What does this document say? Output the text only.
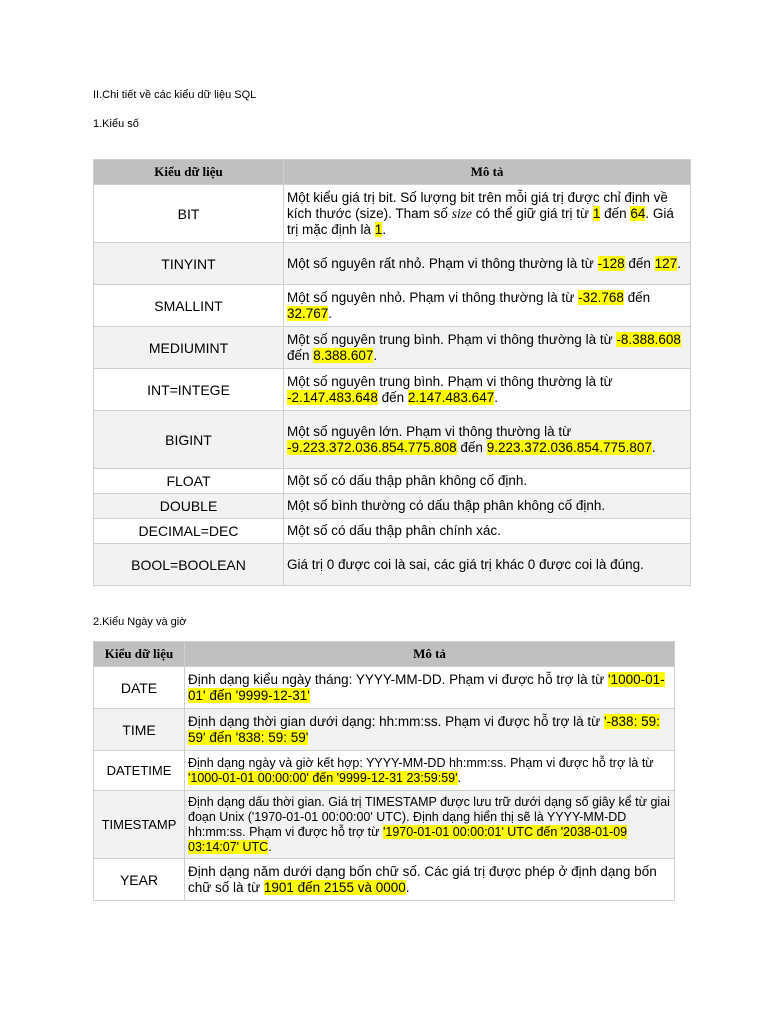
II.Chi tiết về các kiểu dữ liệu SQL
1.Kiểu số
Kiểu dữ liệu	Mô tả
BIT	Một kiểu giá trị bit. Số lượng bit trên mỗi giá trị được chỉ định về kích thước (size). Tham số size có thể giữ giá trị từ 1 đến 64. Giá trị mặc định là 1.
TINYINT	Một số nguyên rất nhỏ. Phạm vi thông thường là từ -128 đến 127.
SMALLINT	Một số nguyên nhỏ. Phạm vi thông thường là từ -32.768 đến 32.767.
MEDIUMINT	Một số nguyên trung bình. Phạm vi thông thường là từ -8.388.608 đến 8.388.607.
INT=INTEGE	Một số nguyên trung bình. Phạm vi thông thường là từ -2.147.483.648 đến 2.147.483.647.
BIGINT	Một số nguyên lớn. Phạm vi thông thường là từ -9.223.372.036.854.775.808 đến 9.223.372.036.854.775.807.
FLOAT	Một số có dấu thập phân không cố định.
DOUBLE	Một số bình thường có dấu thập phân không cố định.
DECIMAL=DEC	Một số có dấu thập phân chính xác.
BOOL=BOOLEAN	Giá trị 0 được coi là sai, các giá trị khác 0 được coi là đúng.
2.Kiểu Ngày và giờ
Kiểu dữ liệu	Mô tả
DATE	Định dạng kiểu ngày tháng: YYYY-MM-DD. Phạm vi được hỗ trợ là từ '1000-01-01' đến '9999-12-31'
TIME	Định dạng thời gian dưới dạng: hh:mm:ss. Phạm vi được hỗ trợ là từ '-838: 59: 59' đến '838: 59: 59'
DATETIME	Định dạng ngày và giờ kết hợp: YYYY-MM-DD hh:mm:ss. Phạm vi được hỗ trợ là từ '1000-01-01 00:00:00' đến '9999-12-31 23:59:59'.
TIMESTAMP	Định dạng dấu thời gian. Giá trị TIMESTAMP được lưu trữ dưới dạng số giây kể từ giai đoạn Unix ('1970-01-01 00:00:00' UTC). Định dạng hiển thị sẽ là YYYY-MM-DD hh:mm:ss. Phạm vi được hỗ trợ từ '1970-01-01 00:00:01' UTC đến '2038-01-09 03:14:07' UTC.
YEAR	Định dạng năm dưới dạng bốn chữ số. Các giá trị được phép ở định dạng bốn chữ số là từ 1901 đến 2155 và 0000.
